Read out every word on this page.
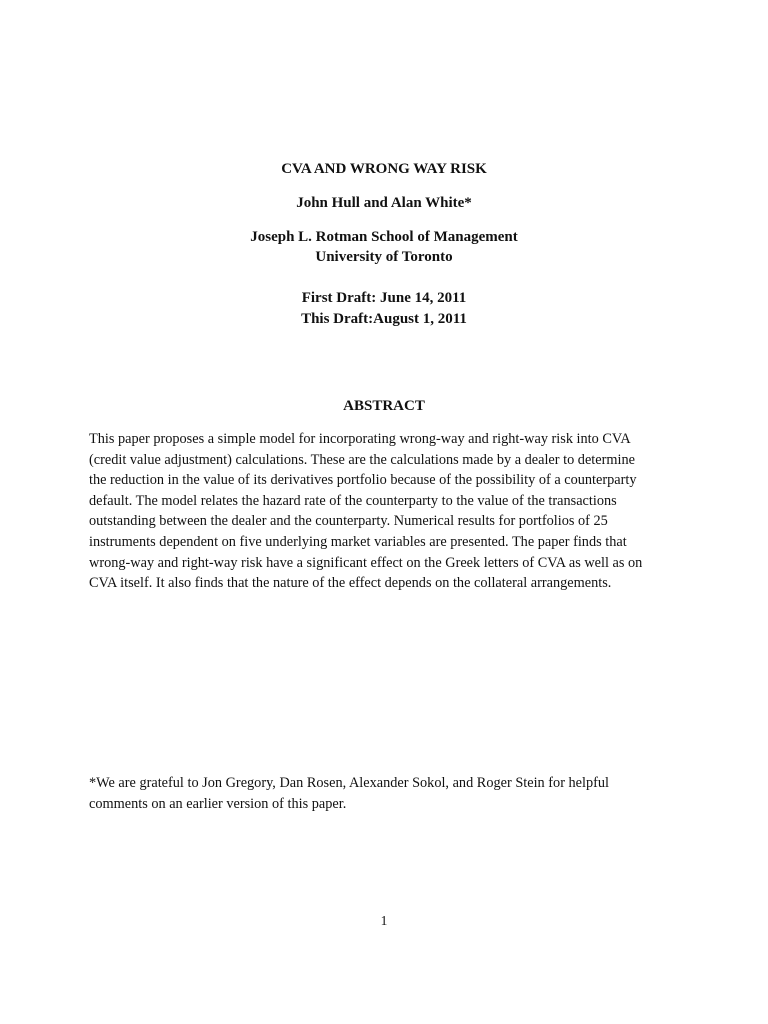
CVA AND WRONG WAY RISK
John Hull and Alan White*
Joseph L. Rotman School of Management
University of Toronto
First Draft: June 14, 2011
This Draft:August 1, 2011
ABSTRACT
This paper proposes a simple model for incorporating wrong-way and right-way risk into CVA
(credit value adjustment) calculations. These are the calculations made by a dealer to determine
the reduction in the value of its derivatives portfolio because of the possibility of a counterparty
default. The model relates the hazard rate of the counterparty to the value of the transactions
outstanding between the dealer and the counterparty. Numerical results for portfolios of 25
instruments dependent on five underlying market variables are presented. The paper finds that
wrong-way and right-way risk have a significant effect on the Greek letters of CVA as well as on
CVA itself. It also finds that the nature of the effect depends on the collateral arrangements.
*We are grateful to Jon Gregory, Dan Rosen, Alexander Sokol, and Roger Stein for helpful
comments on an earlier version of this paper.
1
